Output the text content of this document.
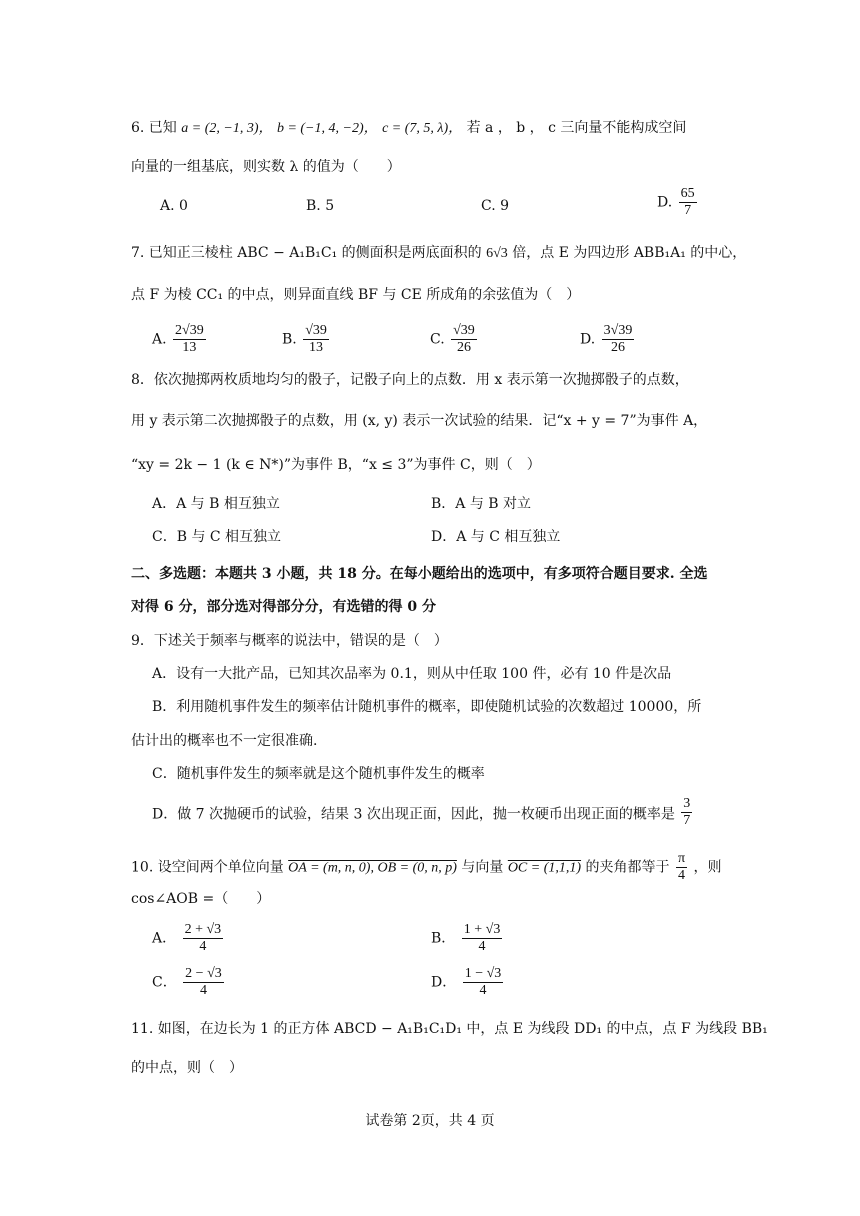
6. 已知 a = (2, −1, 3)， b = (−1, 4, −2)， c = (7, 5, λ)， 若 a ， b ， c 三向量不能构成空间
向量的一组基底，则实数 λ 的值为（　　）
A. 0	B. 5	C. 9	D. $\frac{65}{7}$
7. 已知正三棱柱 ABC − A₁B₁C₁ 的侧面积是两底面积的 6√3 倍，点 E 为四边形 ABB₁A₁ 的中心，
点 F 为棱 CC₁ 的中点，则异面直线 BF 与 CE 所成角的余弦值为（　）
A. $\frac{2√39}{13}$	B. $\frac{√39}{13}$	C. $\frac{√39}{26}$	D. $\frac{3√39}{26}$
8．依次抛掷两枚质地均匀的骰子，记骰子向上的点数．用 x 表示第一次抛掷骰子的点数，
用 y 表示第二次抛掷骰子的点数，用 (x, y) 表示一次试验的结果．记“x + y = 7”为事件 A，
“xy = 2k − 1 (k ∈ N*)”为事件 B，“x ≤ 3”为事件 C，则（　）
A．A 与 B 相互独立	B．A 与 B 对立
C．B 与 C 相互独立	D．A 与 C 相互独立
二、多选题：本题共 3 小题，共 18 分。在每小题给出的选项中，有多项符合题目要求. 全选
对得 6 分，部分选对得部分分，有选错的得 0 分
9．下述关于频率与概率的说法中，错误的是（　）
A．设有一大批产品，已知其次品率为 0.1，则从中任取 100 件，必有 10 件是次品
B．利用随机事件发生的频率估计随机事件的概率，即使随机试验的次数超过 10000，所
估计出的概率也不一定很准确.
C．随机事件发生的频率就是这个随机事件发生的概率
D．做 7 次抛硬币的试验，结果 3 次出现正面，因此，抛一枚硬币出现正面的概率是 $\frac{3}{7}$
10. 设空间两个单位向量 OA = (m, n, 0), OB = (0, n, p) 与向量 OC = (1,1,1) 的夹角都等于 $\frac{\pi}{4}$ ，则
cos∠AOB =（　　）
A． $\frac{2 + √3}{4}$	B． $\frac{1 + √3}{4}$
C． $\frac{2 - √3}{4}$	D． $\frac{1 - √3}{4}$
11. 如图，在边长为 1 的正方体 ABCD − A₁B₁C₁D₁ 中，点 E 为线段 DD₁ 的中点，点 F 为线段 BB₁
的中点，则（　）
试卷第 2页，共 4 页
